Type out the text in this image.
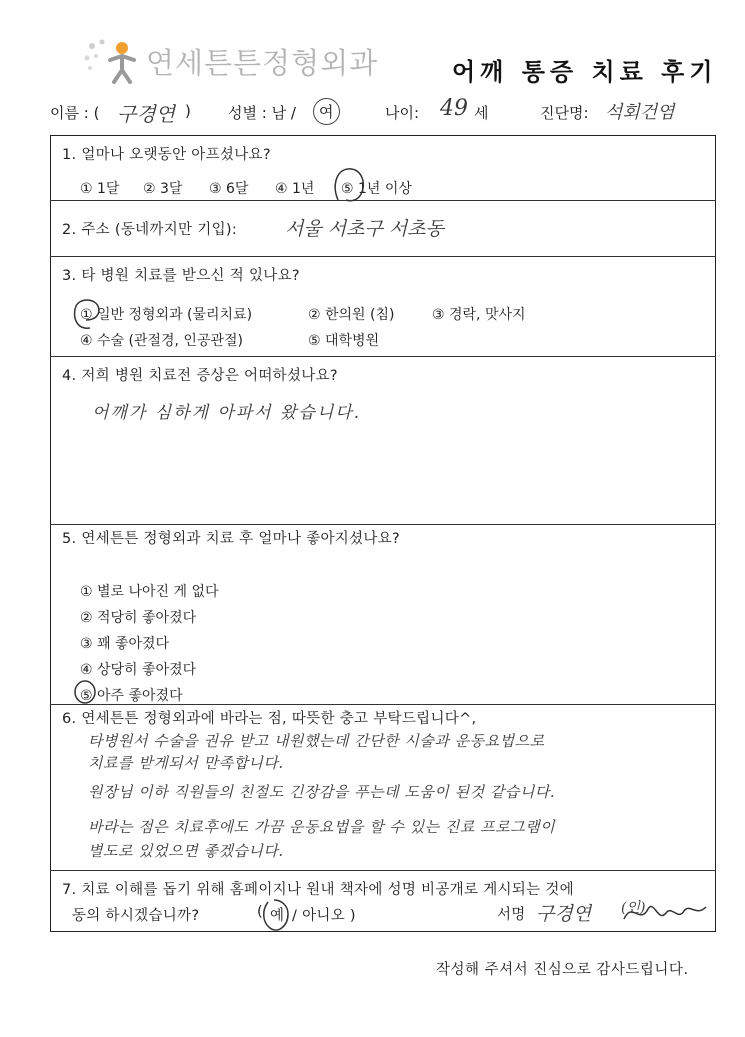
연세튼튼정형외과	어깨 통증 치료 후기
이름 : ( 구경연 ) 성별 : 남 /	여	나이: 49 세	진단명: 석회건염
1. 얼마나 오랫동안 아프셨나요?
① 1달 ② 3달 ③ 6달 ④ 1년 ⑤ 1년 이상
2. 주소 (동네까지만 기입):	서울 서초구 서초동
3. 타 병원 치료를 받으신 적 있나요?
① 일반 정형외과 (물리치료)	② 한의원 (침)	③ 경락, 맛사지
④ 수술 (관절경, 인공관절)	⑤ 대학병원
4. 저희 병원 치료전 증상은 어떠하셨나요?
어깨가 심하게 아파서 왔습니다.
5. 연세튼튼 정형외과 치료 후 얼마나 좋아지셨나요?
① 별로 나아진 게 없다
② 적당히 좋아졌다
③ 꽤 좋아졌다
④ 상당히 좋아졌다
⑤ 아주 좋아졌다
6. 연세튼튼 정형외과에 바라는 점, 따뜻한 충고 부탁드립니다^,
타병원서 수술을 권유 받고 내원했는데 간단한 시술과 운동요법으로
치료를 받게되서 만족합니다.
원장님 이하 직원들의 친절도 긴장감을 푸는데 도움이 된것 같습니다.
바라는 점은 치료후에도 가끔 운동요법을 할 수 있는 진료 프로그램이
별도로 있었으면 좋겠습니다.
7. 치료 이해를 돕기 위해 홈페이지나 원내 책자에 성명 비공개로 게시되는 것에
동의 하시겠습니까?	( 예 / 아니오 )	서명 구경연 (인)
작성해 주셔서 진심으로 감사드립니다.
